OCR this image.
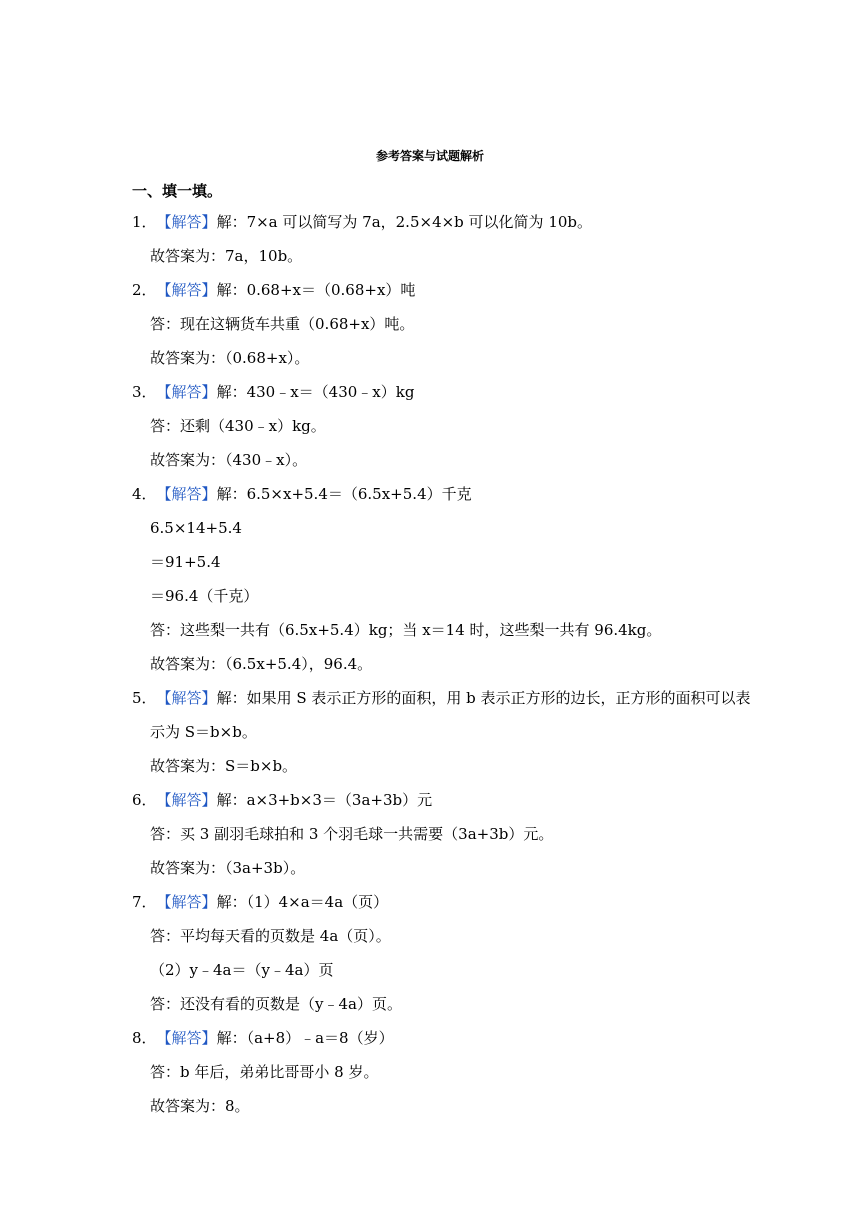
参考答案与试题解析
一、填一填。
1．【解答】解：7×a 可以简写为 7a，2.5×4×b 可以化简为 10b。
故答案为：7a，10b。
2．【解答】解：0.68+x＝（0.68+x）吨
答：现在这辆货车共重（0.68+x）吨。
故答案为：（0.68+x）。
3．【解答】解：430﹣x＝（430﹣x）kg
答：还剩（430﹣x）kg。
故答案为：（430﹣x）。
4．【解答】解：6.5×x+5.4＝（6.5x+5.4）千克
6.5×14+5.4
＝91+5.4
＝96.4（千克）
答：这些梨一共有（6.5x+5.4）kg；当 x＝14 时，这些梨一共有 96.4kg。
故答案为：（6.5x+5.4），96.4。
5．【解答】解：如果用 S 表示正方形的面积，用 b 表示正方形的边长，正方形的面积可以表
示为 S＝b×b。
故答案为：S＝b×b。
6．【解答】解：a×3+b×3＝（3a+3b）元
答：买 3 副羽毛球拍和 3 个羽毛球一共需要（3a+3b）元。
故答案为：（3a+3b）。
7．【解答】解：（1）4×a＝4a（页）
答：平均每天看的页数是 4a（页）。
（2）y﹣4a＝（y﹣4a）页
答：还没有看的页数是（y﹣4a）页。
8．【解答】解：（a+8）﹣a＝8（岁）
答：b 年后，弟弟比哥哥小 8 岁。
故答案为：8。
